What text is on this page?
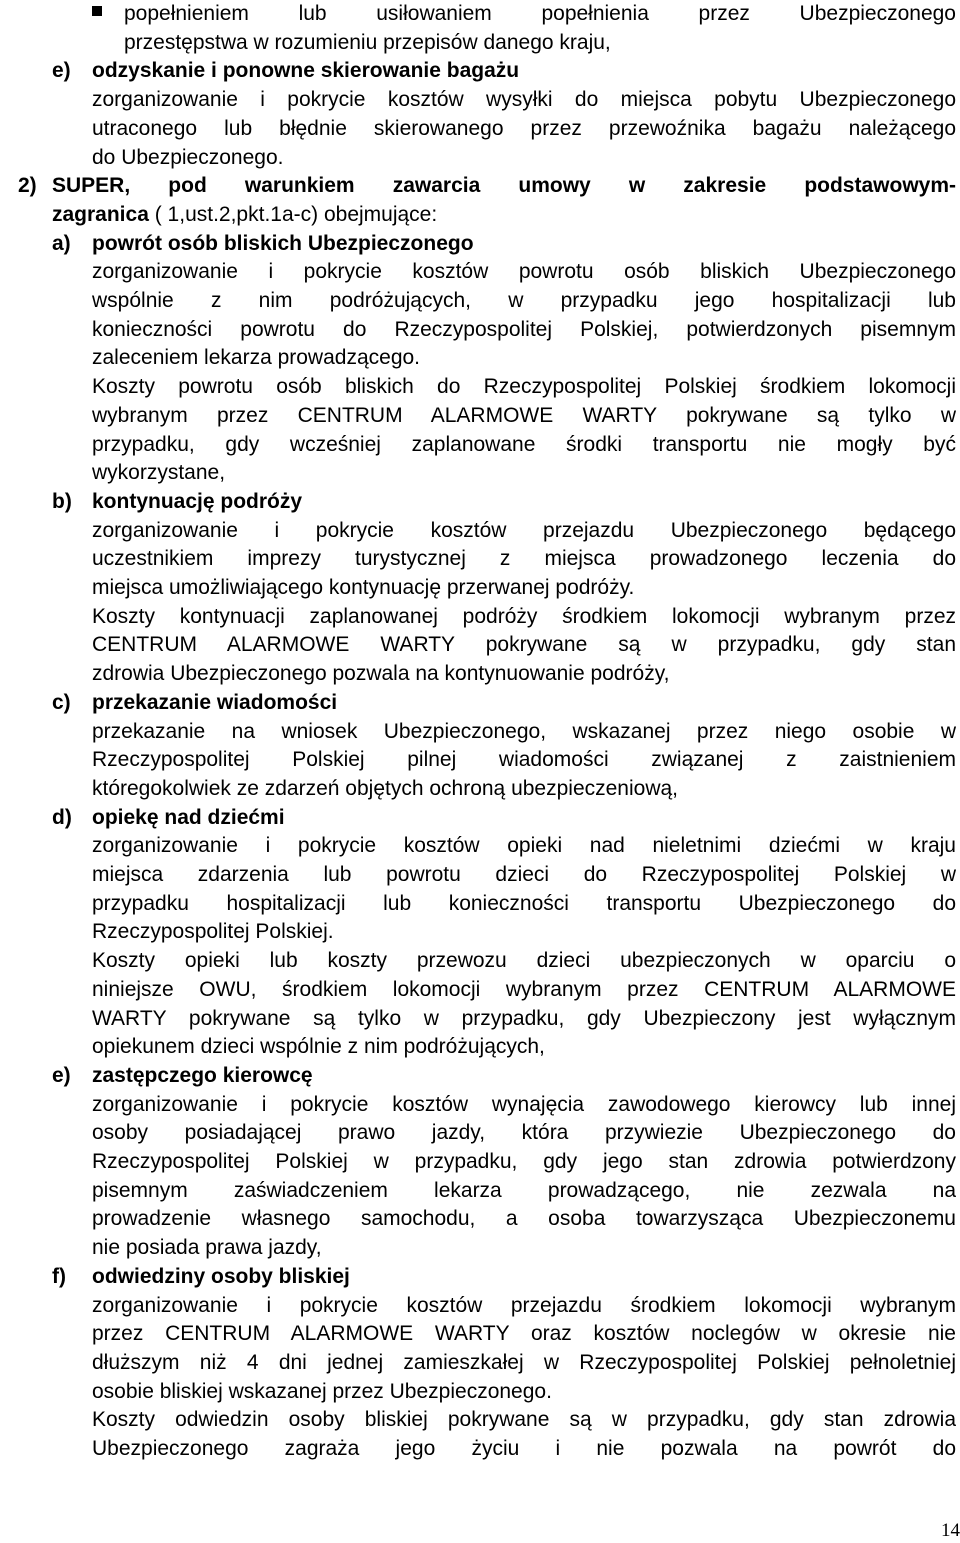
popełnieniem lub usiłowaniem popełnienia przez Ubezpieczonego
przestępstwa w rozumieniu przepisów danego kraju,
e) odzyskanie i ponowne skierowanie bagażu
zorganizowanie i pokrycie kosztów wysyłki do miejsca pobytu Ubezpieczonego
utraconego lub błędnie skierowanego przez przewoźnika bagażu należącego
do Ubezpieczonego.
2) SUPER, pod warunkiem zawarcia umowy w zakresie podstawowym-
zagranica ( 1,ust.2,pkt.1a-c) obejmujące:
a) powrót osób bliskich Ubezpieczonego
zorganizowanie i pokrycie kosztów powrotu osób bliskich Ubezpieczonego
wspólnie z nim podróżujących, w przypadku jego hospitalizacji lub
konieczności powrotu do Rzeczypospolitej Polskiej, potwierdzonych pisemnym
zaleceniem lekarza prowadzącego.
Koszty powrotu osób bliskich do Rzeczypospolitej Polskiej środkiem lokomocji
wybranym przez CENTRUM ALARMOWE WARTY pokrywane są tylko w
przypadku, gdy wcześniej zaplanowane środki transportu nie mogły być
wykorzystane,
b) kontynuację podróży
zorganizowanie i pokrycie kosztów przejazdu Ubezpieczonego będącego
uczestnikiem imprezy turystycznej z miejsca prowadzonego leczenia do
miejsca umożliwiającego kontynuację przerwanej podróży.
Koszty kontynuacji zaplanowanej podróży środkiem lokomocji wybranym przez
CENTRUM ALARMOWE WARTY pokrywane są w przypadku, gdy stan
zdrowia Ubezpieczonego pozwala na kontynuowanie podróży,
c) przekazanie wiadomości
przekazanie na wniosek Ubezpieczonego, wskazanej przez niego osobie w
Rzeczypospolitej Polskiej pilnej wiadomości związanej z zaistnieniem
któregokolwiek ze zdarzeń objętych ochroną ubezpieczeniową,
d) opiekę nad dziećmi
zorganizowanie i pokrycie kosztów opieki nad nieletnimi dziećmi w kraju
miejsca zdarzenia lub powrotu dzieci do Rzeczypospolitej Polskiej w
przypadku hospitalizacji lub konieczności transportu Ubezpieczonego do
Rzeczypospolitej Polskiej.
Koszty opieki lub koszty przewozu dzieci ubezpieczonych w oparciu o
niniejsze OWU, środkiem lokomocji wybranym przez CENTRUM ALARMOWE
WARTY pokrywane są tylko w przypadku, gdy Ubezpieczony jest wyłącznym
opiekunem dzieci wspólnie z nim podróżujących,
e) zastępczego kierowcę
zorganizowanie i pokrycie kosztów wynajęcia zawodowego kierowcy lub innej
osoby posiadającej prawo jazdy, która przywiezie Ubezpieczonego do
Rzeczypospolitej Polskiej w przypadku, gdy jego stan zdrowia potwierdzony
pisemnym zaświadczeniem lekarza prowadzącego, nie zezwala na
prowadzenie własnego samochodu, a osoba towarzysząca Ubezpieczonemu
nie posiada prawa jazdy,
f) odwiedziny osoby bliskiej
zorganizowanie i pokrycie kosztów przejazdu środkiem lokomocji wybranym
przez CENTRUM ALARMOWE WARTY oraz kosztów noclegów w okresie nie
dłuższym niż 4 dni jednej zamieszkałej w Rzeczypospolitej Polskiej pełnoletniej
osobie bliskiej wskazanej przez Ubezpieczonego.
Koszty odwiedzin osoby bliskiej pokrywane są w przypadku, gdy stan zdrowia
Ubezpieczonego zagraża jego życiu i nie pozwala na powrót do
14
